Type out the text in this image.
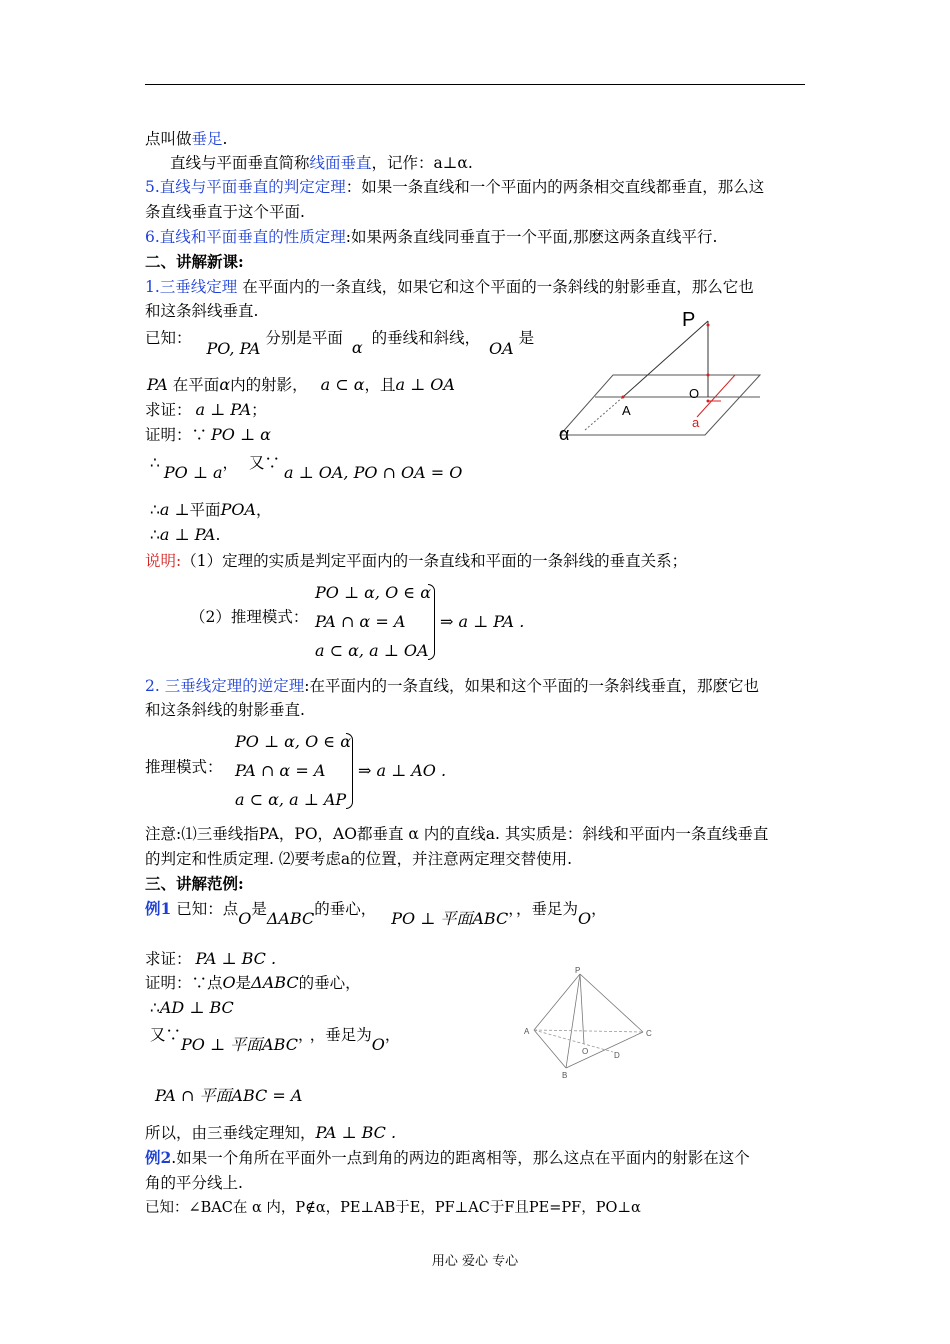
点叫做垂足.
直线与平面垂直简称线面垂直，记作：a⊥α.
5.直线与平面垂直的判定定理：如果一条直线和一个平面内的两条相交直线都垂直，那么这
条直线垂直于这个平面.
6.直线和平面垂直的性质定理:如果两条直线同垂直于一个平面,那麽这两条直线平行.
二、讲解新课:
1.三垂线定理 在平面内的一条直线，如果它和这个平面的一条斜线的射影垂直，那么它也
和这条斜线垂直.
已知： PO, PA 分别是平面 α 的垂线和斜线， OA 是
PA 在平面α内的射影， a ⊂ α，且a ⊥ OA
求证： a ⊥ PA；
证明：∵ PO ⊥ α
∴ PO ⊥ a， 又∵ a ⊥ OA, PO ∩ OA = O
∴a ⊥平面POA，
∴a ⊥ PA.
P
O
A
a
α
说明:（1）定理的实质是判定平面内的一条直线和平面的一条斜线的垂直关系；
（2）推理模式：
PO ⊥ α, O ∈ α
PA ∩ α = A
a ⊂ α, a ⊥ OA
⇒ a ⊥ PA .
2. 三垂线定理的逆定理:在平面内的一条直线，如果和这个平面的一条斜线垂直，那麽它也
和这条斜线的射影垂直.
推理模式：
PO ⊥ α, O ∈ α
PA ∩ α = A
a ⊂ α, a ⊥ AP
⇒ a ⊥ AO .
注意:⑴三垂线指PA，PO，AO都垂直 α 内的直线a. 其实质是：斜线和平面内一条直线垂直
的判定和性质定理. ⑵要考虑a的位置，并注意两定理交替使用.
三、讲解范例:
例1 已知：点O是ΔABC的垂心， PO ⊥ 平面ABC，，垂足为O，
求证： PA ⊥ BC .
证明：∵点O是ΔABC的垂心，
∴AD ⊥ BC
又∵PO ⊥ 平面ABC， ，垂足为O，
PA ∩ 平面ABC = A
所以，由三垂线定理知，PA ⊥ BC .
P
A
B
C
O	D
例2.如果一个角所在平面外一点到角的两边的距离相等，那么这点在平面内的射影在这个
角的平分线上.
已知：∠BAC在 α 内，P∉α，PE⊥AB于E，PF⊥AC于F且PE=PF，PO⊥α
用心 爱心 专心
